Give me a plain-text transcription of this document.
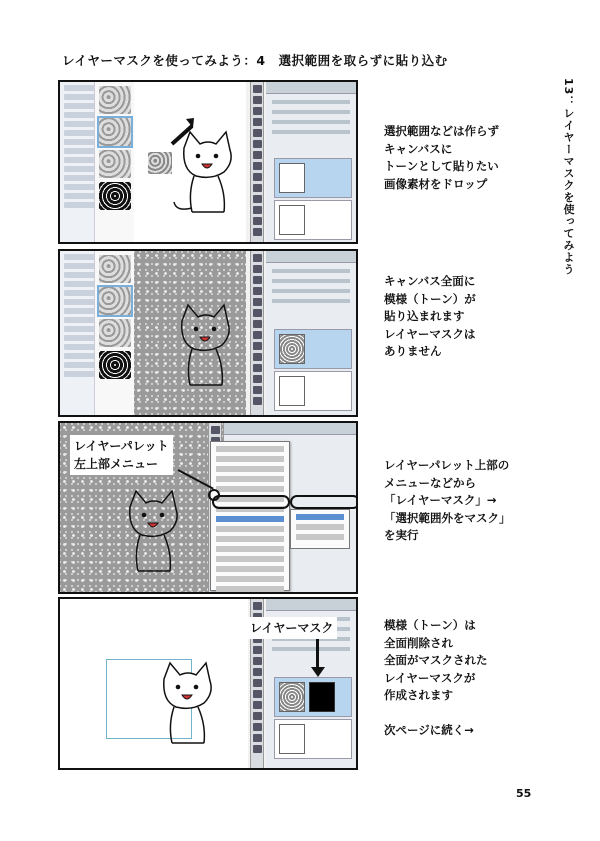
レイヤーマスクを使ってみよう：4　選択範囲を取らずに貼り込む
13：レイヤーマスクを使ってみよう
選択範囲などは作らず
キャンバスに
トーンとして貼りたい
画像素材をドロップ
キャンバス全面に
模様（トーン）が
貼り込まれます
レイヤーマスクは
ありません
レイヤーパレット
左上部メニュー	レイヤーパレット上部の
メニューなどから
「レイヤーマスク」→
「選択範囲外をマスク」
を実行
レイヤーマスク	模様（トーン）は
全面削除され
全面がマスクされた
レイヤーマスクが
作成されます

次ページに続く→
55
